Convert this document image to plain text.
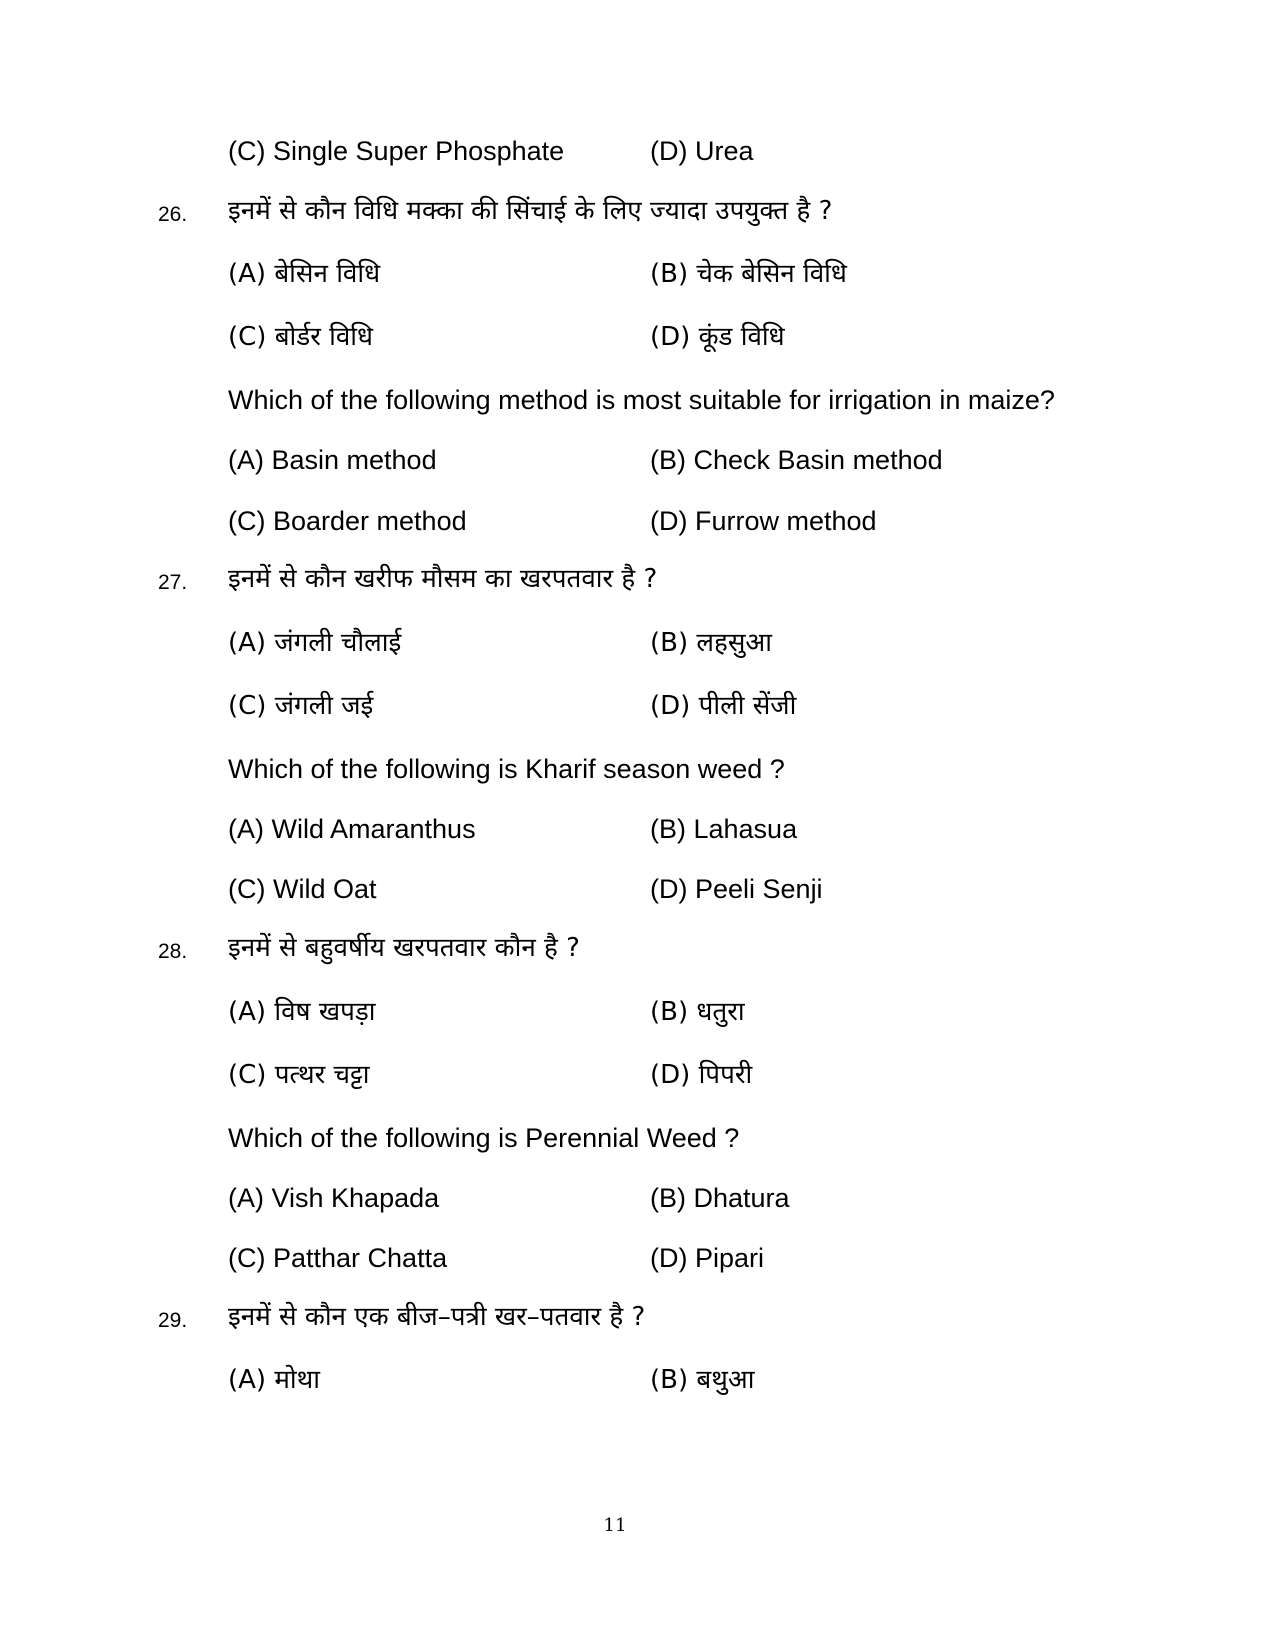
(C) Single Super Phosphate	(D) Urea
26. इनमें से कौन विधि मक्का की सिंचाई के लिए ज्यादा उपयुक्त है ?
(A) बेसिन विधि	(B) चेक बेसिन विधि
(C) बोर्डर विधि	(D) कूंड विधि
Which of the following method is most suitable for irrigation in maize?
(A) Basin method	(B) Check Basin method
(C) Boarder method	(D) Furrow method
27. इनमें से कौन खरीफ मौसम का खरपतवार है ?
(A) जंगली चौलाई	(B) लहसुआ
(C) जंगली जई	(D) पीली सेंजी
Which of the following is Kharif season weed ?
(A) Wild Amaranthus	(B) Lahasua
(C) Wild Oat	(D) Peeli Senji
28. इनमें से बहुवर्षीय खरपतवार कौन है ?
(A) विष खपड़ा	(B) धतुरा
(C) पत्थर चट्टा	(D) पिपरी
Which of the following is Perennial Weed ?
(A) Vish Khapada	(B) Dhatura
(C) Patthar Chatta	(D) Pipari
29. इनमें से कौन एक बीज–पत्री खर–पतवार है ?
(A) मोथा	(B) बथुआ
11
